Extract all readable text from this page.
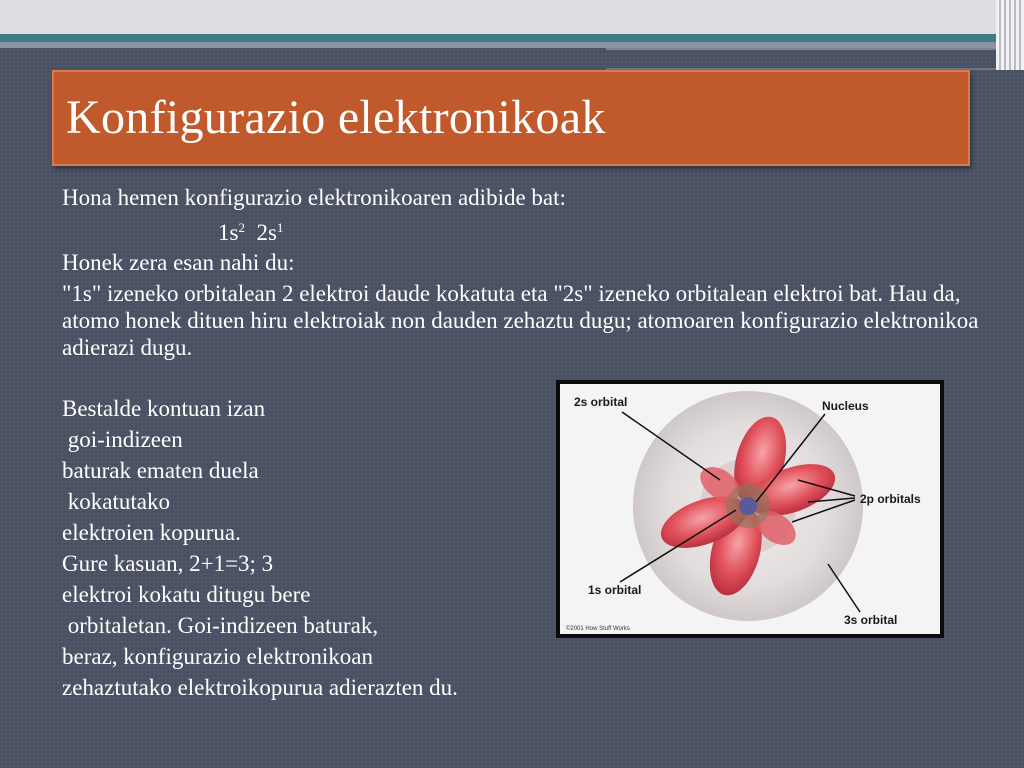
Konfigurazio elektronikoak
Hona hemen konfigurazio elektronikoaren adibide bat:
$1s^2$ $2s^1$
Honek zera esan nahi du:
"1s" izeneko orbitalean 2 elektroi daude kokatuta eta "2s" izeneko orbitalean elektroi bat. Hau da, atomo honek dituen hiru elektroiak non dauden zehaztu dugu; atomoaren konfigurazio elektronikoa adierazi dugu.
Bestalde kontuan izan
goi-indizeen
baturak ematen duela
kokatutako
elektroien kopurua.
Gure kasuan, 2+1=3; 3
elektroi kokatu ditugu bere
orbitaletan. Goi-indizeen baturak,
beraz, konfigurazio elektronikoan
zehaztutako elektroikopurua adierazten du.
2s orbital	Nucleus
2p orbitals
1s orbital
3s orbital
©2001 How Stuff Works
